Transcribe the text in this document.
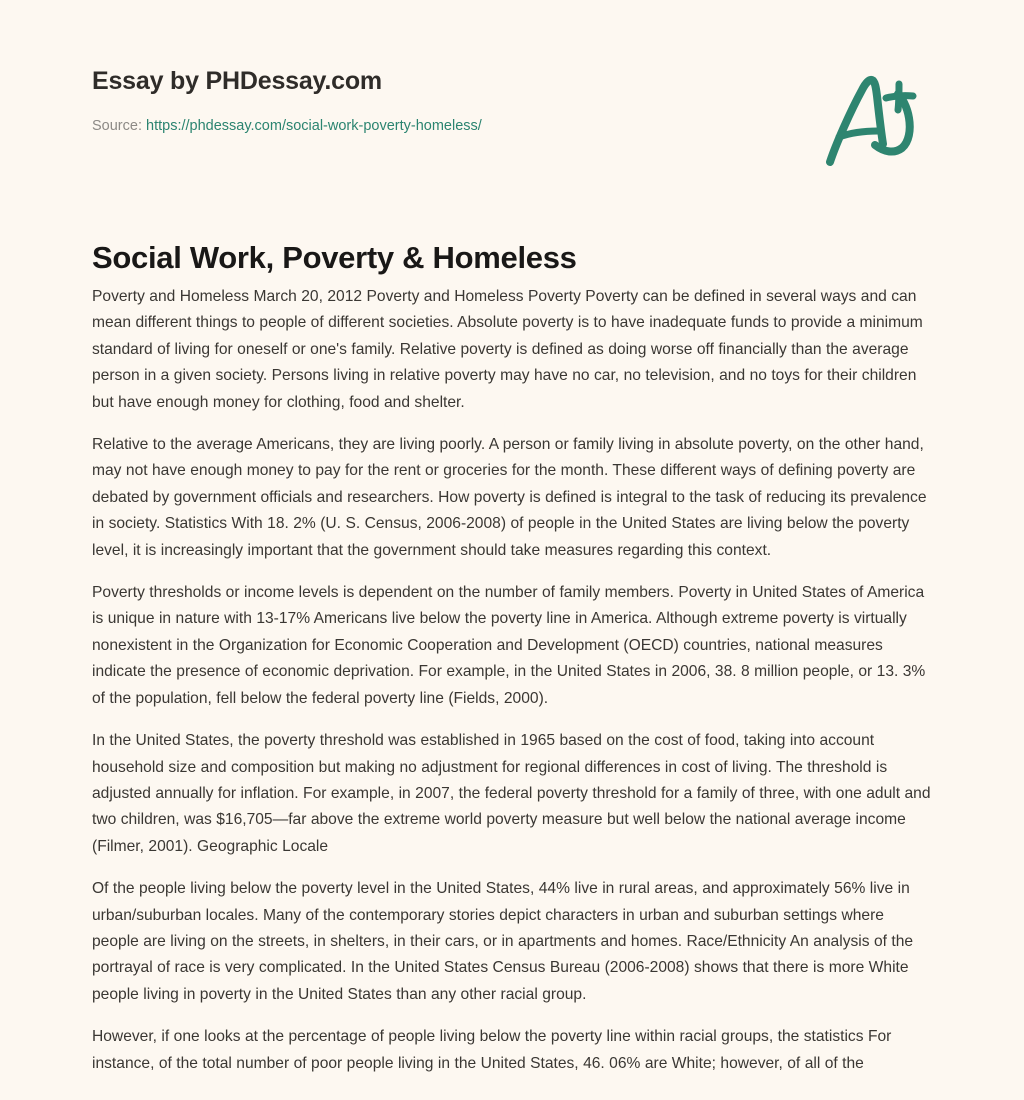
Essay by PHDessay.com
Source: https://phdessay.com/social-work-poverty-homeless/
Social Work, Poverty & Homeless

Poverty and Homeless March 20, 2012 Poverty and Homeless Poverty Poverty can be defined in several ways and can mean different things to people of different societies. Absolute poverty is to have inadequate funds to provide a minimum standard of living for oneself or one's family. Relative poverty is defined as doing worse off financially than the average person in a given society. Persons living in relative poverty may have no car, no television, and no toys for their children but have enough money for clothing, food and shelter.

Relative to the average Americans, they are living poorly. A person or family living in absolute poverty, on the other hand, may not have enough money to pay for the rent or groceries for the month. These different ways of defining poverty are debated by government officials and researchers. How poverty is defined is integral to the task of reducing its prevalence in society. Statistics With 18. 2% (U. S. Census, 2006-2008) of people in the United States are living below the poverty level, it is increasingly important that the government should take measures regarding this context.

Poverty thresholds or income levels is dependent on the number of family members. Poverty in United States of America is unique in nature with 13-17% Americans live below the poverty line in America. Although extreme poverty is virtually nonexistent in the Organization for Economic Cooperation and Development (OECD) countries, national measures indicate the presence of economic deprivation. For example, in the United States in 2006, 38. 8 million people, or 13. 3% of the population, fell below the federal poverty line (Fields, 2000).

In the United States, the poverty threshold was established in 1965 based on the cost of food, taking into account household size and composition but making no adjustment for regional differences in cost of living. The threshold is adjusted annually for inflation. For example, in 2007, the federal poverty threshold for a family of three, with one adult and two children, was $16,705—far above the extreme world poverty measure but well below the national average income (Filmer, 2001). Geographic Locale

Of the people living below the poverty level in the United States, 44% live in rural areas, and approximately 56% live in urban/suburban locales. Many of the contemporary stories depict characters in urban and suburban settings where people are living on the streets, in shelters, in their cars, or in apartments and homes. Race/Ethnicity An analysis of the portrayal of race is very complicated. In the United States Census Bureau (2006-2008) shows that there is more White people living in poverty in the United States than any other racial group.

However, if one looks at the percentage of people living below the poverty line within racial groups, the statistics For instance, of the total number of poor people living in the United States, 46. 06% are White; however, of all of the
